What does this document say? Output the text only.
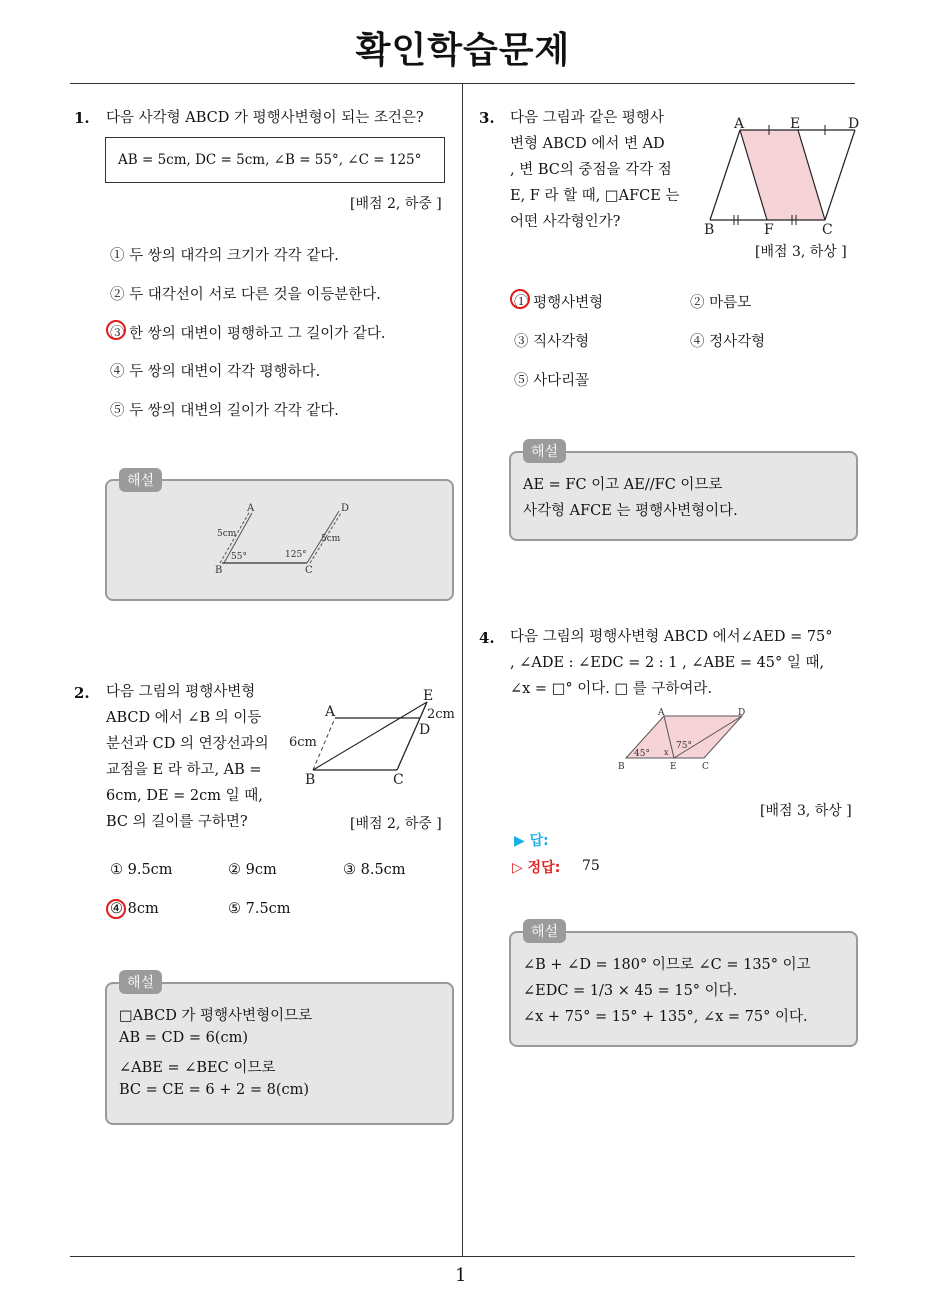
확인학습문제
1
1. 다음 사각형 ABCD 가 평행사변형이 되는 조건은?
AB = 5cm, DC = 5cm, ∠B = 55°, ∠C = 125°
[배점 2, 하중 ]
① 두 쌍의 대각의 크기가 각각 같다.
② 두 대각선이 서로 다른 것을 이등분한다.
③ 한 쌍의 대변이 평행하고 그 길이가 같다.
④ 두 쌍의 대변이 각각 평행하다.
⑤ 두 쌍의 대변의 길이가 각각 같다.
A
B	C
D
5cm	5cm
55°	125°
해설
2. 다음 그림의 평행사변형
ABCD 에서 ∠B 의 이등
분선과 CD 의 연장선과의
교점을 E 라 하고, AB =
6cm, DE = 2cm 일 때,
BC 의 길이를 구하면?	[배점 2, 하중 ]
A
B	C
D
E
6cm
2cm
① 9.5cm	② 9cm	③ 8.5cm
④ 8cm	⑤ 7.5cm
□ABCD 가 평행사변형이므로
AB = CD = 6(cm)
∠ABE = ∠BEC 이므로
BC = CE = 6 + 2 = 8(cm)
해설
3. 다음 그림과 같은 평행사
변형 ABCD 에서 변 AD
, 변 BC의 중점을 각각 점
E, F 라 할 때, □AFCE 는
어떤 사각형인가?
A	E	D
B	F	C
[배점 3, 하상 ]
① 평행사변형	② 마름모
③ 직사각형	④ 정사각형
⑤ 사다리꼴
AE = FC 이고 AE//FC 이므로
사각형 AFCE 는 평행사변형이다.
해설
4. 다음 그림의 평행사변형 ABCD 에서∠AED = 75°
, ∠ADE : ∠EDC = 2 : 1 , ∠ABE = 45° 일 때,
∠x = □° 이다. □ 를 구하여라.
A	D
B	E	C
45°
75°
x
[배점 3, 하상 ]
▶ 답:
▷ 정답: 75
∠B + ∠D = 180° 이므로 ∠C = 135° 이고
∠EDC = 1/3 × 45 = 15° 이다.
∠x + 75° = 15° + 135°, ∠x = 75° 이다.
해설
